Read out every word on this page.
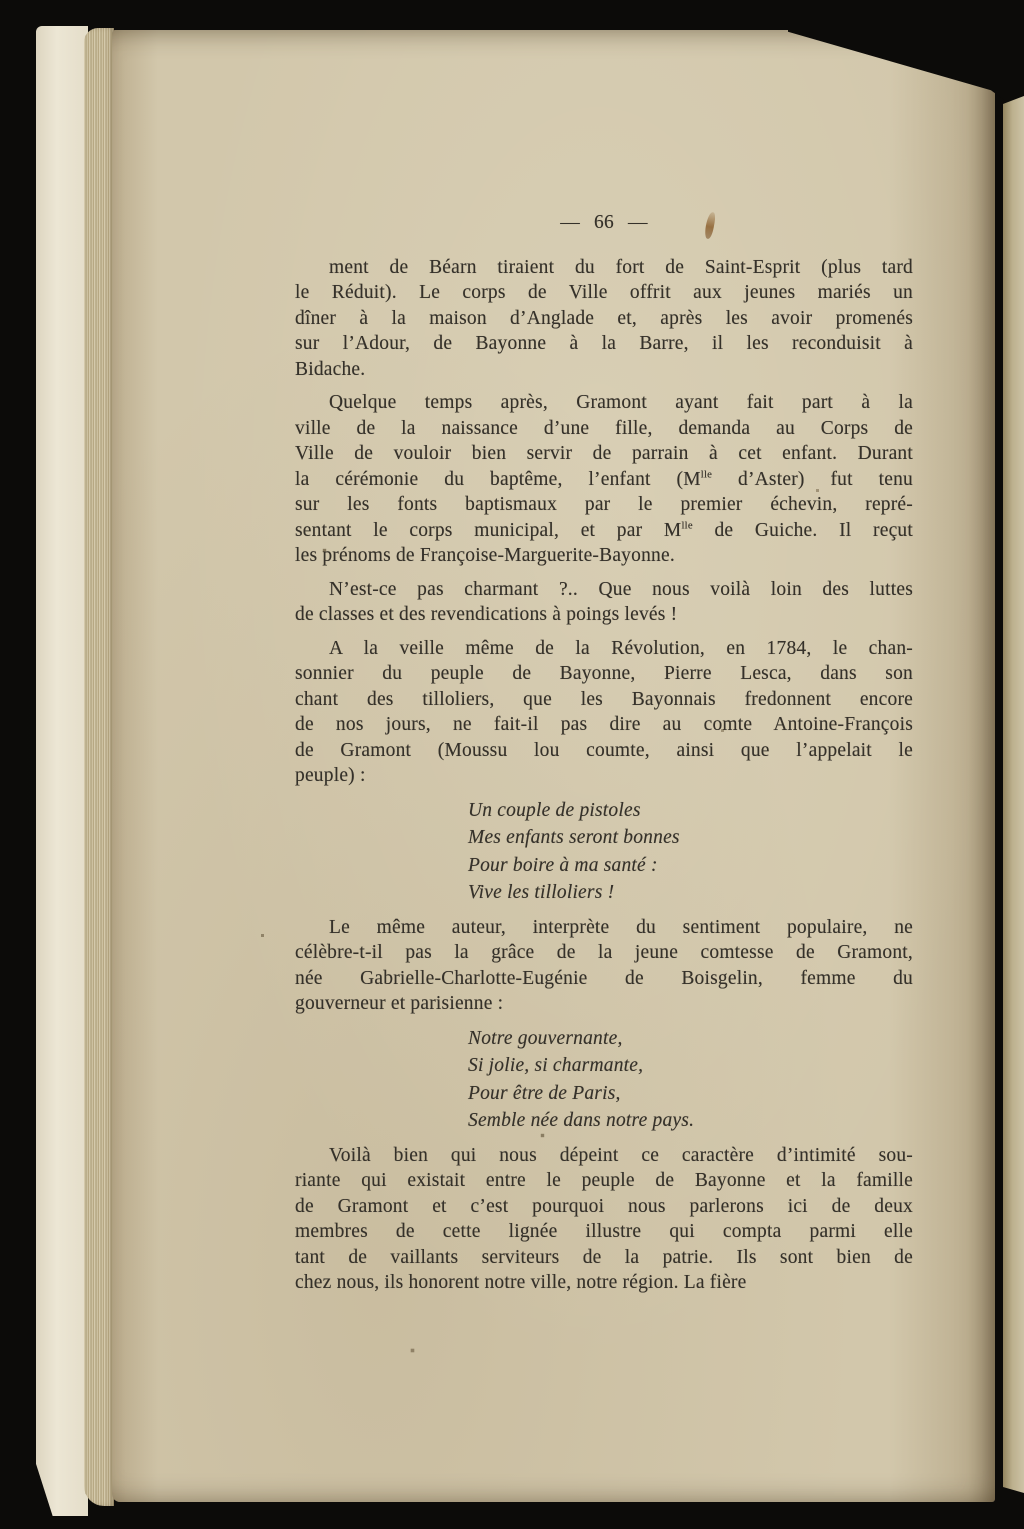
— 66 —
ment de Béarn tiraient du fort de Saint-Esprit (plus tard
le Réduit). Le corps de Ville offrit aux jeunes mariés un
dîner à la maison d’Anglade et, après les avoir promenés
sur l’Adour, de Bayonne à la Barre, il les reconduisit à
Bidache.
Quelque temps après, Gramont ayant fait part à la
ville de la naissance d’une fille, demanda au Corps de
Ville de vouloir bien servir de parrain à cet enfant. Durant
la cérémonie du baptême, l’enfant ($M^{lle}$ d’Aster) fut tenu
sur les fonts baptismaux par le premier échevin, repré-
sentant le corps municipal, et par $M^{lle}$ de Guiche. Il reçut
les prénoms de Françoise-Marguerite-Bayonne.
N’est-ce pas charmant ?.. Que nous voilà loin des luttes
de classes et des revendications à poings levés !
A la veille même de la Révolution, en 1784, le chan-
sonnier du peuple de Bayonne, Pierre Lesca, dans son
chant des tilloliers, que les Bayonnais fredonnent encore
de nos jours, ne fait-il pas dire au comte Antoine-François
de Gramont (Moussu lou coumte, ainsi que l’appelait le
peuple) :
Un couple de pistoles
Mes enfants seront bonnes
Pour boire à ma santé :
Vive les tilloliers !
Le même auteur, interprète du sentiment populaire, ne
célèbre-t-il pas la grâce de la jeune comtesse de Gramont,
née Gabrielle-Charlotte-Eugénie de Boisgelin, femme du
gouverneur et parisienne :
Notre gouvernante,
Si jolie, si charmante,
Pour être de Paris,
Semble née dans notre pays.
Voilà bien qui nous dépeint ce caractère d’intimité sou-
riante qui existait entre le peuple de Bayonne et la famille
de Gramont et c’est pourquoi nous parlerons ici de deux
membres de cette lignée illustre qui compta parmi elle
tant de vaillants serviteurs de la patrie. Ils sont bien de
chez nous, ils honorent notre ville, notre région. La fière
